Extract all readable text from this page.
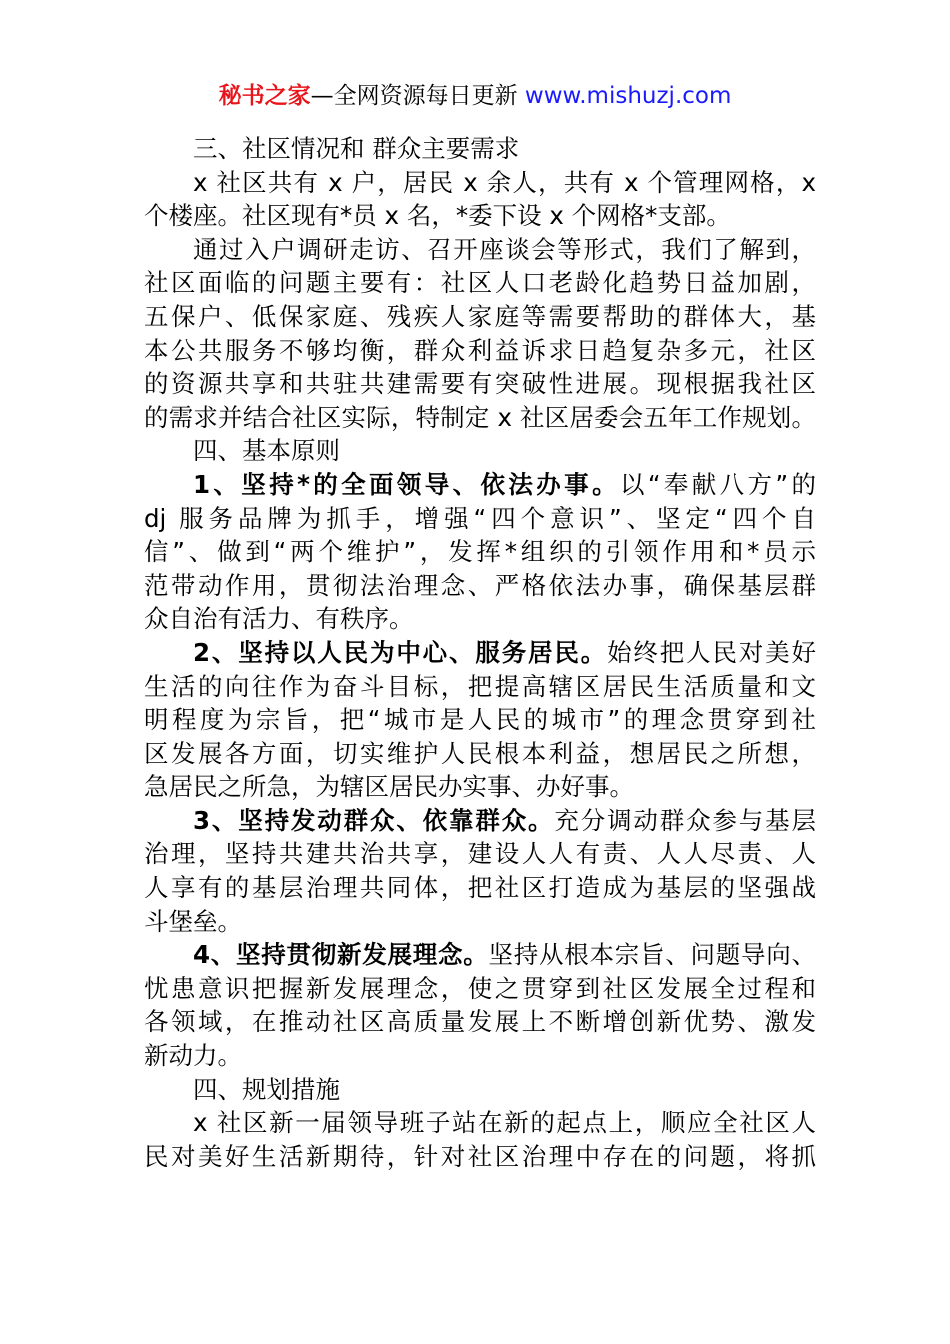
秘书之家—全网资源每日更新 www.mishuzj.com
三、社区情况和 群众主要需求
x 社区共有 x 户，居民 x 余人，共有 x 个管理网格，x
个楼座。社区现有*员 x 名，*委下设 x 个网格*支部。
通过入户调研走访、召开座谈会等形式，我们了解到，
社区面临的问题主要有：社区人口老龄化趋势日益加剧，
五保户、低保家庭、残疾人家庭等需要帮助的群体大，基
本公共服务不够均衡，群众利益诉求日趋复杂多元，社区
的资源共享和共驻共建需要有突破性进展。现根据我社区
的需求并结合社区实际，特制定 x 社区居委会五年工作规划。
四、基本原则
1、坚持*的全面领导、依法办事。以“奉献八方”的
dj 服务品牌为抓手，增强“四个意识”、坚定“四个自
信”、做到“两个维护”，发挥*组织的引领作用和*员示
范带动作用，贯彻法治理念、严格依法办事，确保基层群
众自治有活力、有秩序。
2、坚持以人民为中心、服务居民。始终把人民对美好
生活的向往作为奋斗目标，把提高辖区居民生活质量和文
明程度为宗旨，把“城市是人民的城市”的理念贯穿到社
区发展各方面，切实维护人民根本利益，想居民之所想，
急居民之所急，为辖区居民办实事、办好事。
3、坚持发动群众、依靠群众。充分调动群众参与基层
治理，坚持共建共治共享，建设人人有责、人人尽责、人
人享有的基层治理共同体，把社区打造成为基层的坚强战
斗堡垒。
4、坚持贯彻新发展理念。坚持从根本宗旨、问题导向、
忧患意识把握新发展理念，使之贯穿到社区发展全过程和
各领域，在推动社区高质量发展上不断增创新优势、激发
新动力。
四、规划措施
x 社区新一届领导班子站在新的起点上，顺应全社区人
民对美好生活新期待，针对社区治理中存在的问题，将抓
